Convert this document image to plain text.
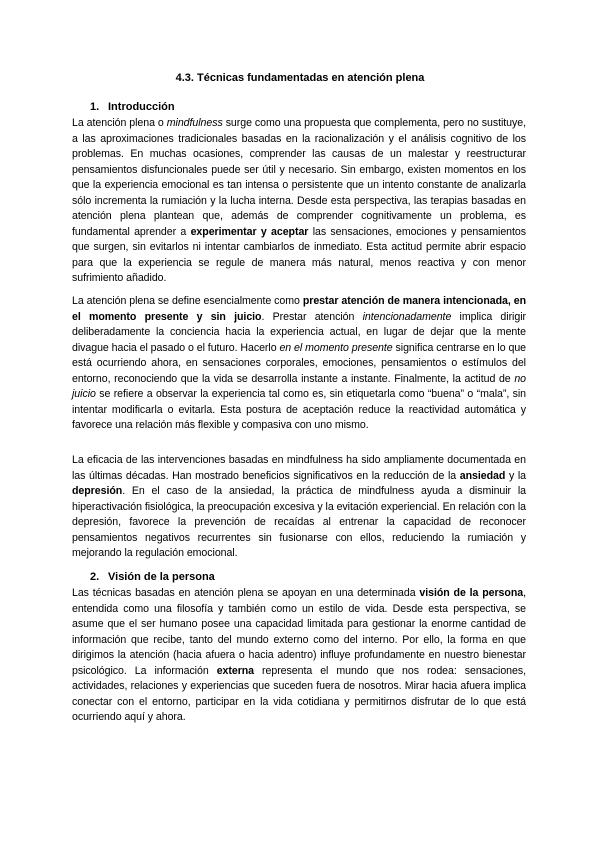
4.3. Técnicas fundamentadas en atención plena
1. Introducción

La atención plena o mindfulness surge como una propuesta que complementa, pero no sustituye, a las aproximaciones tradicionales basadas en la racionalización y el análisis cognitivo de los problemas. En muchas ocasiones, comprender las causas de un malestar y reestructurar pensamientos disfuncionales puede ser útil y necesario. Sin embargo, existen momentos en los que la experiencia emocional es tan intensa o persistente que un intento constante de analizarla sólo incrementa la rumiación y la lucha interna. Desde esta perspectiva, las terapias basadas en atención plena plantean que, además de comprender cognitivamente un problema, es fundamental aprender a experimentar y aceptar las sensaciones, emociones y pensamientos que surgen, sin evitarlos ni intentar cambiarlos de inmediato. Esta actitud permite abrir espacio para que la experiencia se regule de manera más natural, menos reactiva y con menor sufrimiento añadido.

La atención plena se define esencialmente como prestar atención de manera intencionada, en el momento presente y sin juicio. Prestar atención intencionadamente implica dirigir deliberadamente la conciencia hacia la experiencia actual, en lugar de dejar que la mente divague hacia el pasado o el futuro. Hacerlo en el momento presente significa centrarse en lo que está ocurriendo ahora, en sensaciones corporales, emociones, pensamientos o estímulos del entorno, reconociendo que la vida se desarrolla instante a instante. Finalmente, la actitud de no juicio se refiere a observar la experiencia tal como es, sin etiquetarla como “buena” o “mala”, sin intentar modificarla o evitarla. Esta postura de aceptación reduce la reactividad automática y favorece una relación más flexible y compasiva con uno mismo.

La eficacia de las intervenciones basadas en mindfulness ha sido ampliamente documentada en las últimas décadas. Han mostrado beneficios significativos en la reducción de la ansiedad y la depresión. En el caso de la ansiedad, la práctica de mindfulness ayuda a disminuir la hiperactivación fisiológica, la preocupación excesiva y la evitación experiencial. En relación con la depresión, favorece la prevención de recaídas al entrenar la capacidad de reconocer pensamientos negativos recurrentes sin fusionarse con ellos, reduciendo la rumiación y mejorando la regulación emocional.

2. Visión de la persona

Las técnicas basadas en atención plena se apoyan en una determinada visión de la persona, entendida como una filosofía y también como un estilo de vida. Desde esta perspectiva, se asume que el ser humano posee una capacidad limitada para gestionar la enorme cantidad de información que recibe, tanto del mundo externo como del interno. Por ello, la forma en que dirigimos la atención (hacia afuera o hacia adentro) influye profundamente en nuestro bienestar psicológico. La información externa representa el mundo que nos rodea: sensaciones, actividades, relaciones y experiencias que suceden fuera de nosotros. Mirar hacia afuera implica conectar con el entorno, participar en la vida cotidiana y permitirnos disfrutar de lo que está ocurriendo aquí y ahora.
